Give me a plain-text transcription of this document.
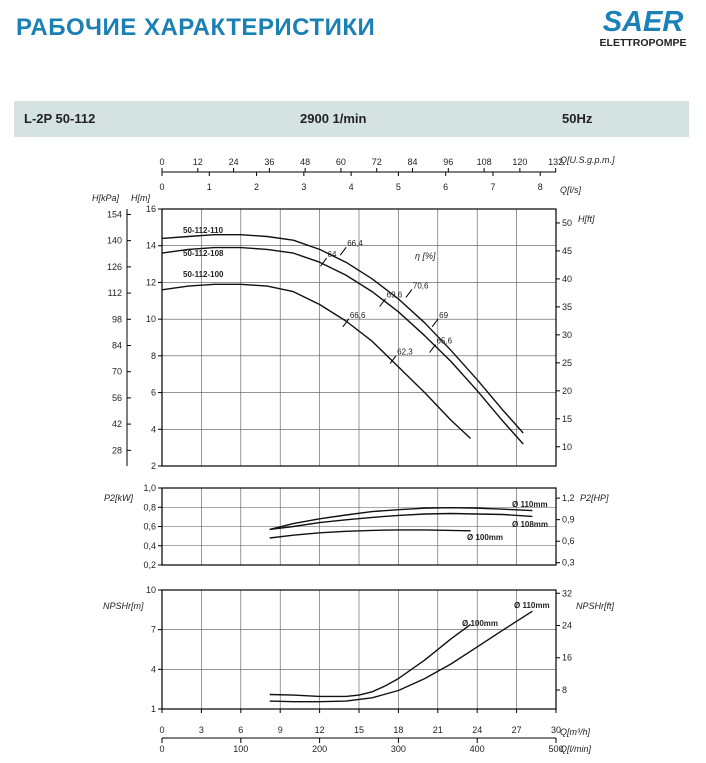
РАБОЧИЕ ХАРАКТЕРИСТИКИ	SAER
ELETTROPOMPE
L-2P 50-112	2900 1/min	50Hz
0	12	24	36	48	60	72	84	96	108 120 132
0	1	2	3	4	5	6	7	8
Q[U.S.g.p.m.]
Q[l/s]
2
4
6
8
10
12
14
16
28
42
56
70
84
98
112
126
140
154
H[m]
H[kPa]
10
15
20
25
30
35
40
45
50 H[ft]
η [%]
0,2
0,4
0,6
0,8
1,0
0,3
0,6
0,9
1,2
P2[kW]	P2[HP]
1
4
7
10
8
16
24
32
NPSHr[m]	NPSHr[ft]
0	3	6	9	12	15	18	21	24	27	30
0	100	200	300	400	500
Q[m³/h]
Q[l/min]
50-112-110
50-112-108
50-112-100
64
66,4
66,6
69,6
70,6
62,3
65,6
69
Ø 110mm
Ø 108mm
Ø 100mm
Ø 100mm
Ø 110mm
